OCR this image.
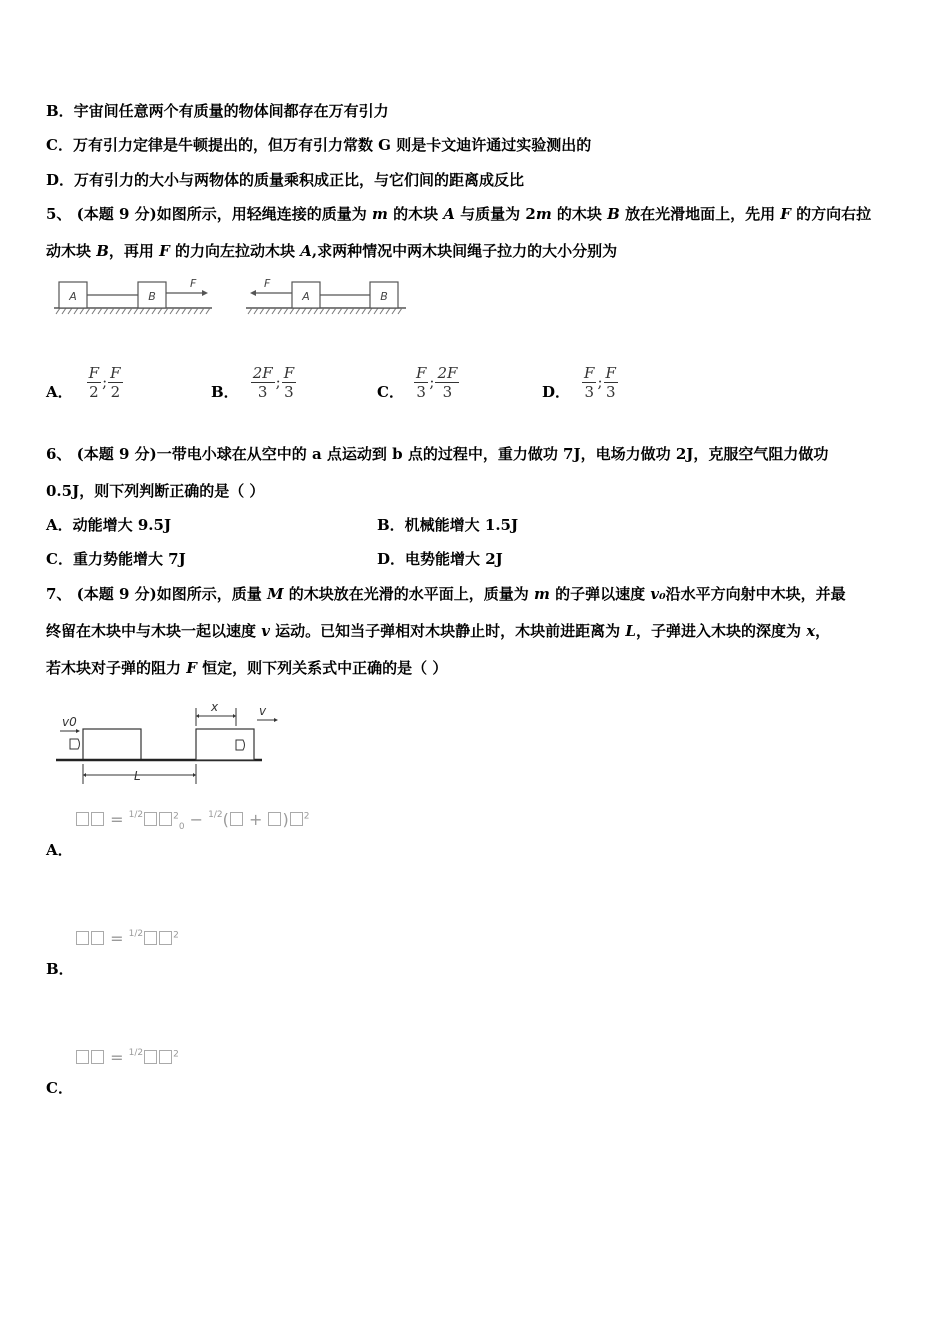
B．宇宙间任意两个有质量的物体间都存在万有引力
C．万有引力定律是牛顿提出的，但万有引力常数 G 则是卡文迪许通过实验测出的
D．万有引力的大小与两物体的质量乘积成正比，与它们间的距离成反比
5、 (本题 9 分)如图所示，用轻绳连接的质量为 m 的木块 A 与质量为 2m 的木块 B 放在光滑地面上，先用 F 的方向右拉
动木块 B，再用 F 的力向左拉动木块 A,求两种情况中两木块间绳子拉力的大小分别为
A	B
F	F
A	B
A． $\frac{F}{2}$ ; $\frac{F}{2}$	B． $\frac{2F}{3}$ ; $\frac{F}{3}$	C． $\frac{F}{3}$ ; $\frac{2F}{3}$	D． $\frac{F}{3}$ ; $\frac{F}{3}$
6、 (本题 9 分)一带电小球在从空中的 a 点运动到 b 点的过程中，重力做功 7J，电场力做功 2J，克服空气阻力做功
0.5J，则下列判断正确的是（ ）
A．动能增大 9.5J	B．机械能增大 1.5J
C．重力势能增大 7J	D．电势能增大 2J
7、 (本题 9 分)如图所示，质量 M 的木块放在光滑的水平面上，质量为 m 的子弹以速度 v₀沿水平方向射中木块，并最
终留在木块中与木块一起以速度 v 运动。已知当子弹相对木块静止时，木块前进距离为 L，子弹进入木块的深度为 x，
若木块对子弹的阻力 F 恒定，则下列关系式中正确的是（ ）
v0
x	v
L
= $^{1/2}$	$^2_0$ − $^{1/2}$( + ) $^2$
A．
= $^{1/2}$	$^2$
B．
= $^{1/2}$	$^2$
C．
